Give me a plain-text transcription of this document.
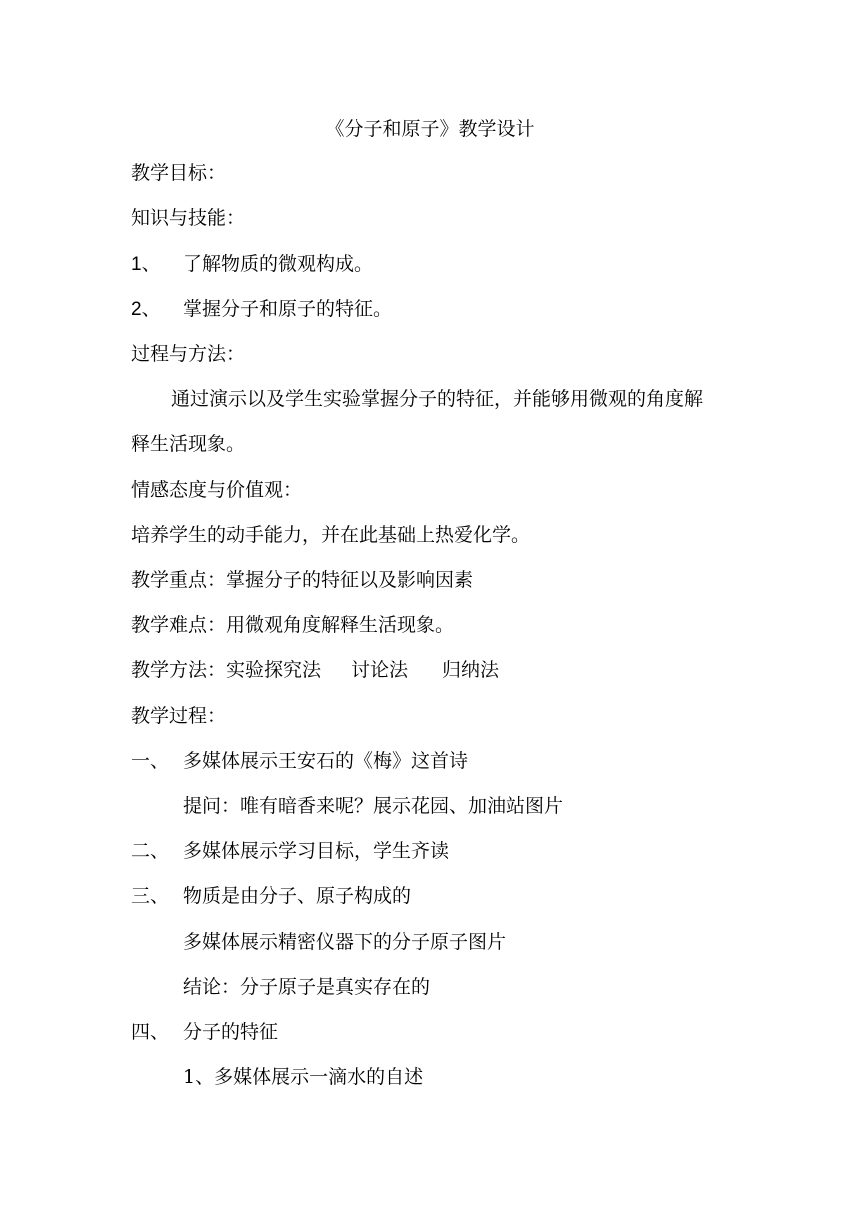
《分子和原子》教学设计
教学目标：
知识与技能：
1、 了解物质的微观构成。
2、 掌握分子和原子的特征。
过程与方法：
通过演示以及学生实验掌握分子的特征，并能够用微观的角度解
释生活现象。
情感态度与价值观：
培养学生的动手能力，并在此基础上热爱化学。
教学重点：掌握分子的特征以及影响因素
教学难点：用微观角度解释生活现象。
教学方法：实验探究法 讨论法 归纳法
教学过程：
一、 多媒体展示王安石的《梅》这首诗
提问：唯有暗香来呢？展示花园、加油站图片
二、 多媒体展示学习目标，学生齐读
三、 物质是由分子、原子构成的
多媒体展示精密仪器下的分子原子图片
结论：分子原子是真实存在的
四、 分子的特征
1、多媒体展示一滴水的自述
